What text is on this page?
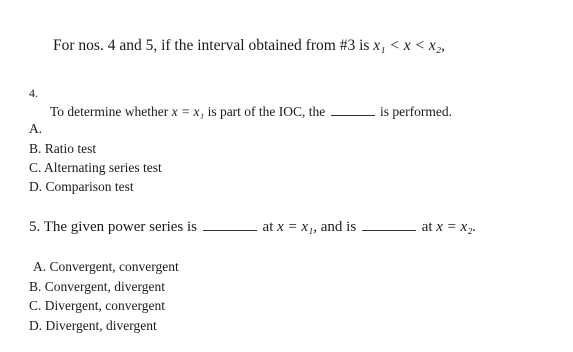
For nos. 4 and 5, if the interval obtained from #3 is x₁ < x < x₂,
4.
To determine whether x = x₁ is part of the IOC, the	is performed.
A.
B. Ratio test
C. Alternating series test
D. Comparison test
5. The given power series is	at x = x₁, and is	at x = x₂.
A. Convergent, convergent
B. Convergent, divergent
C. Divergent, convergent
D. Divergent, divergent
